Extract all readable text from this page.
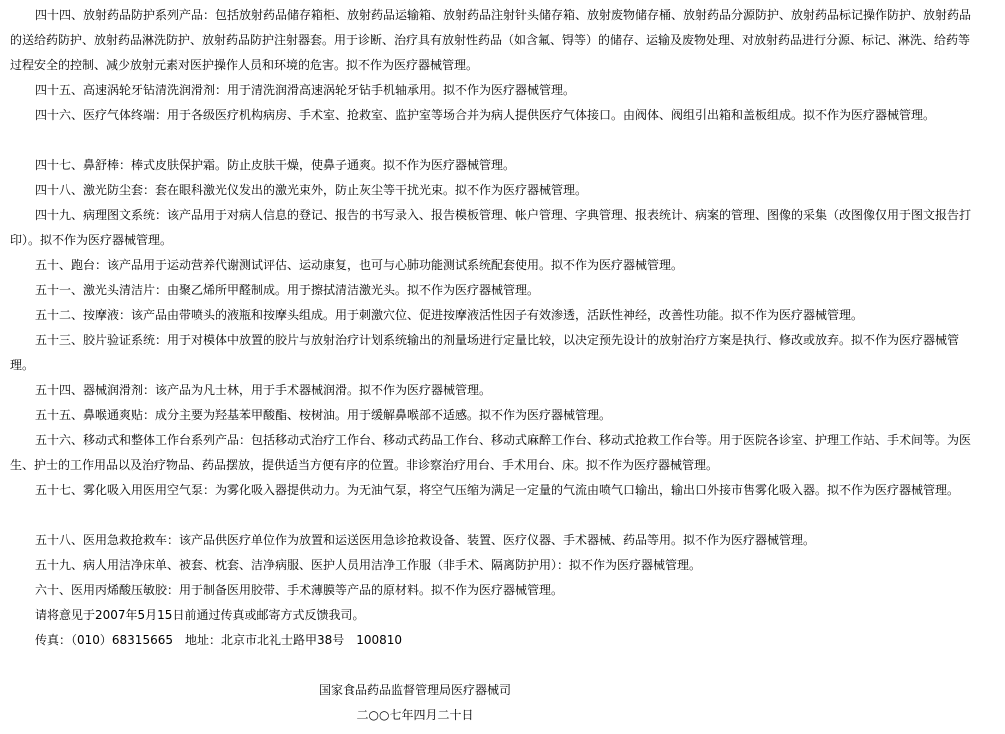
四十四、放射药品防护系列产品：包括放射药品储存箱柜、放射药品运输箱、放射药品注射针头储存箱、放射废物储存桶、放射药品分源防护、放射药品标记操作防护、放射药品的送给药防护、放射药品淋洗防护、放射药品防护注射器套。用于诊断、治疗具有放射性药品（如含氟、锝等）的储存、运输及废物处理、对放射药品进行分源、标记、淋洗、给药等过程安全的控制、减少放射元素对医护操作人员和环境的危害。拟不作为医疗器械管理。

四十五、高速涡轮牙钻清洗润滑剂：用于清洗润滑高速涡轮牙钻手机轴承用。拟不作为医疗器械管理。

四十六、医疗气体终端：用于各级医疗机构病房、手术室、抢救室、监护室等场合并为病人提供医疗气体接口。由阀体、阀组引出箱和盖板组成。拟不作为医疗器械管理。

四十七、鼻舒棒：棒式皮肤保护霜。防止皮肤干燥，使鼻子通爽。拟不作为医疗器械管理。

四十八、激光防尘套：套在眼科激光仪发出的激光束外，防止灰尘等干扰光束。拟不作为医疗器械管理。

四十九、病理图文系统：该产品用于对病人信息的登记、报告的书写录入、报告模板管理、帐户管理、字典管理、报表统计、病案的管理、图像的采集（改图像仅用于图文报告打印）。拟不作为医疗器械管理。

五十、跑台：该产品用于运动营养代谢测试评估、运动康复，也可与心肺功能测试系统配套使用。拟不作为医疗器械管理。

五十一、激光头清洁片：由聚乙烯所甲醛制成。用于擦拭清洁激光头。拟不作为医疗器械管理。

五十二、按摩液：该产品由带喷头的液瓶和按摩头组成。用于刺激穴位、促进按摩液活性因子有效渗透，活跃性神经，改善性功能。拟不作为医疗器械管理。

五十三、胶片验证系统：用于对模体中放置的胶片与放射治疗计划系统输出的剂量场进行定量比较，以决定预先设计的放射治疗方案是执行、修改或放弃。拟不作为医疗器械管理。

五十四、器械润滑剂：该产品为凡士林，用于手术器械润滑。拟不作为医疗器械管理。

五十五、鼻喉通爽贴：成分主要为羟基苯甲酸酯、桉树油。用于缓解鼻喉部不适感。拟不作为医疗器械管理。

五十六、移动式和整体工作台系列产品：包括移动式治疗工作台、移动式药品工作台、移动式麻醉工作台、移动式抢救工作台等。用于医院各诊室、护理工作站、手术间等。为医生、护士的工作用品以及治疗物品、药品摆放，提供适当方便有序的位置。非诊察治疗用台、手术用台、床。拟不作为医疗器械管理。

五十七、雾化吸入用医用空气泵：为雾化吸入器提供动力。为无油气泵，将空气压缩为满足一定量的气流由喷气口输出，输出口外接市售雾化吸入器。拟不作为医疗器械管理。

五十八、医用急救抢救车：该产品供医疗单位作为放置和运送医用急诊抢救设备、装置、医疗仪器、手术器械、药品等用。拟不作为医疗器械管理。

五十九、病人用洁净床单、被套、枕套、洁净病服、医护人员用洁净工作服（非手术、隔离防护用）：拟不作为医疗器械管理。

六十、医用丙烯酸压敏胶：用于制备医用胶带、手术薄膜等产品的原材料。拟不作为医疗器械管理。

请将意见于2007年5月15日前通过传真或邮寄方式反馈我司。

传真：（010）68315665　地址：北京市北礼士路甲38号　100810

国家食品药品监督管理局医疗器械司

二○○七年四月二十日
